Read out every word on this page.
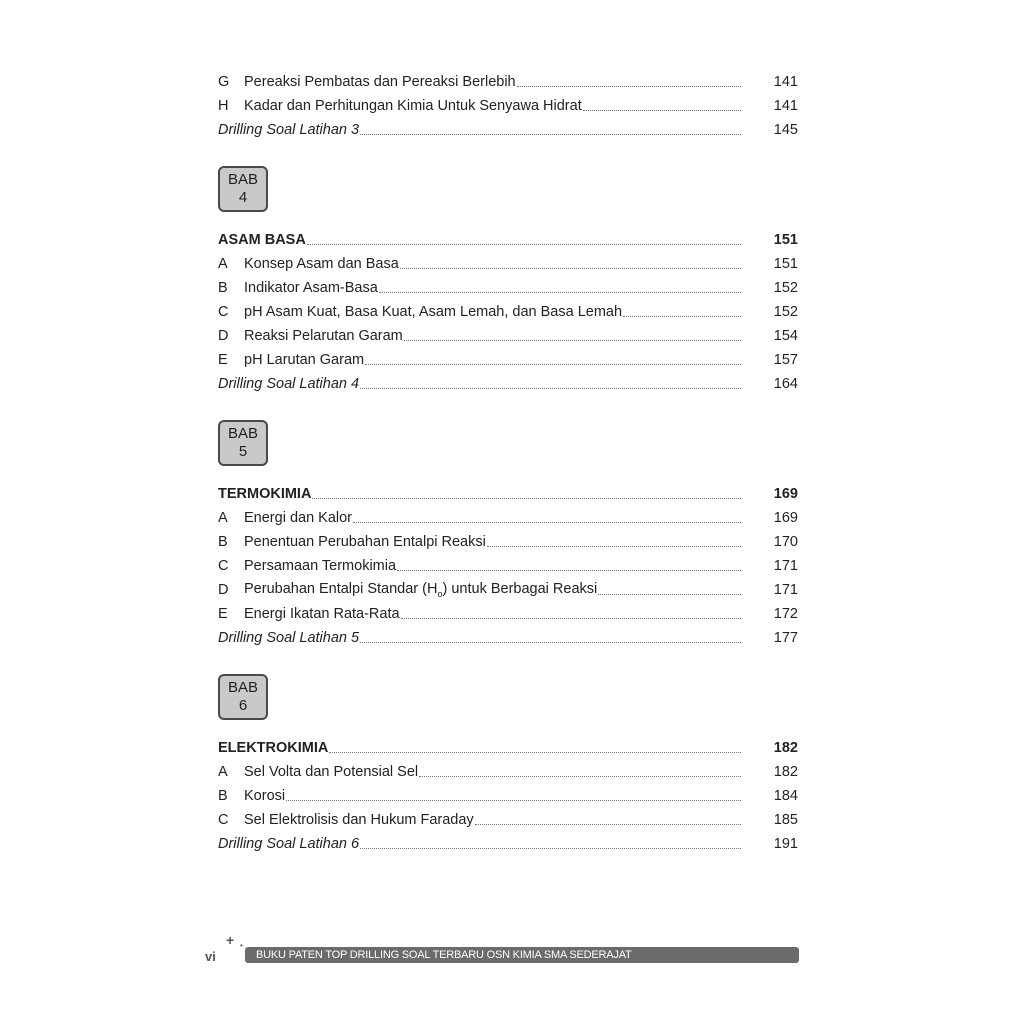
G	Pereaksi Pembatas dan Pereaksi Berlebih	141
H	Kadar dan Perhitungan Kimia Untuk Senyawa Hidrat	141
Drilling Soal Latihan 3	145
BAB
4
ASAM BASA	151
A	Konsep Asam dan Basa	151
B	Indikator Asam-Basa	152
C	pH Asam Kuat, Basa Kuat, Asam Lemah, dan Basa Lemah	152
D	Reaksi Pelarutan Garam	154
E	pH Larutan Garam	157
Drilling Soal Latihan 4	164
BAB
5
TERMOKIMIA	169
A	Energi dan Kalor	169
B	Penentuan Perubahan Entalpi Reaksi	170
C	Persamaan Termokimia	171
D	Perubahan Entalpi Standar $(H_o)$ untuk Berbagai Reaksi	171
E	Energi Ikatan Rata-Rata	172
Drilling Soal Latihan 5	177
BAB
6
ELEKTROKIMIA	182
A	Sel Volta dan Potensial Sel	182
B	Korosi	184
C	Sel Elektrolisis dan Hukum Faraday	185
Drilling Soal Latihan 6	191
vi
+ •
BUKU PATEN TOP DRILLING SOAL TERBARU OSN KIMIA SMA SEDERAJAT
